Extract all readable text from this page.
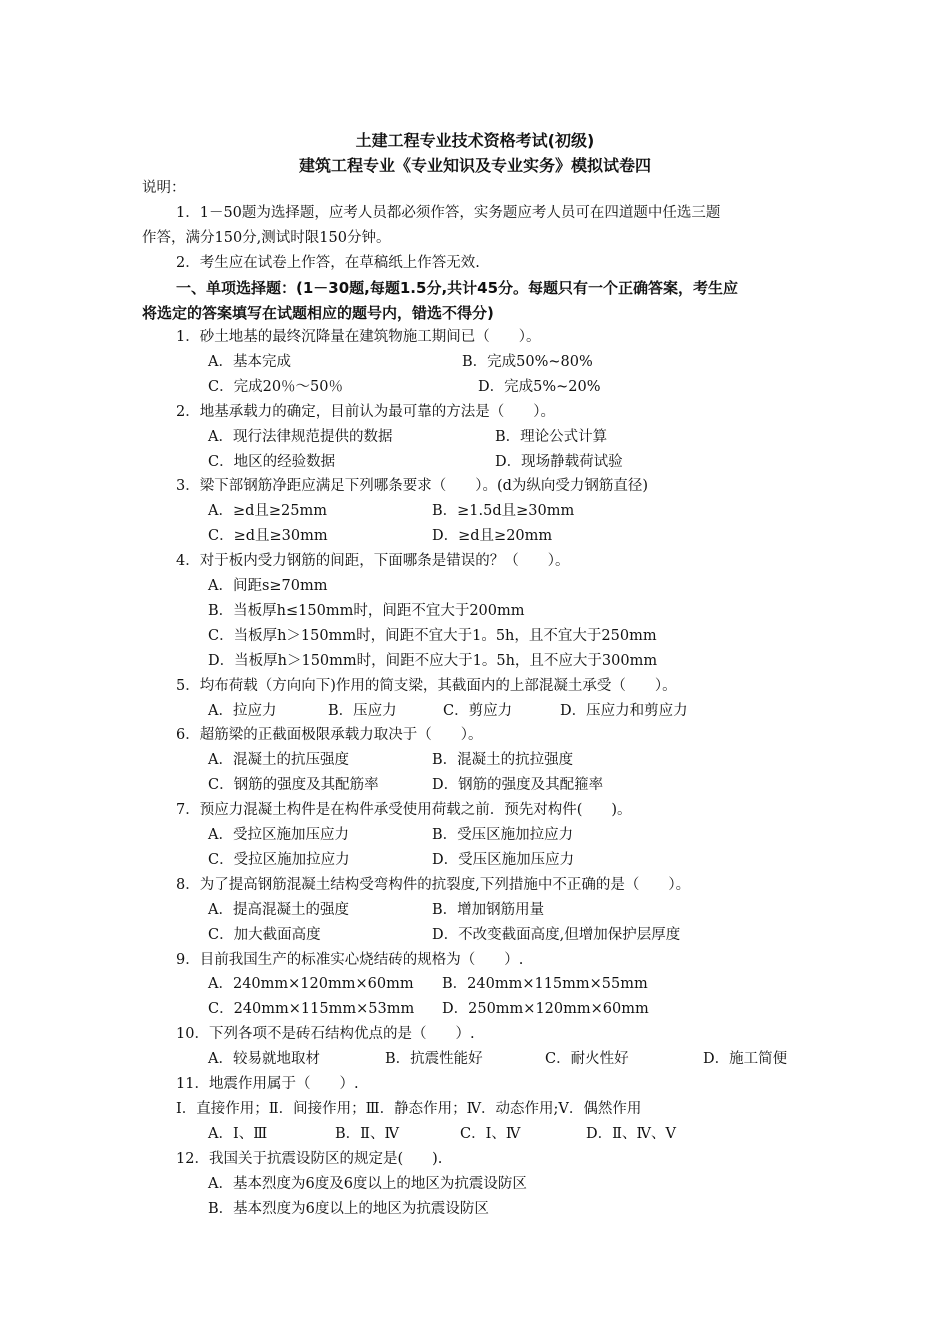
土建工程专业技术资格考试(初级)
建筑工程专业《专业知识及专业实务》模拟试卷四
说明：
1．1－50题为选择题，应考人员都必须作答，实务题应考人员可在四道题中任选三题
作答，满分150分,测试时限150分钟。
2．考生应在试卷上作答，在草稿纸上作答无效.
一、单项选择题：(1－30题,每题1.5分,共计45分。每题只有一个正确答案，考生应
将选定的答案填写在试题相应的题号内，错选不得分)
1．砂土地基的最终沉降量在建筑物施工期间已（　　）。
A．基本完成	B．完成50%~80%
C．完成20％～50％	D．完成5%~20%
2．地基承载力的确定，目前认为最可靠的方法是（　　）。
A．现行法律规范提供的数据	B．理论公式计算
C．地区的经验数据	D．现场静载荷试验
3．梁下部钢筋净距应满足下列哪条要求（　　）。(d为纵向受力钢筋直径)
A．≥d且≥25mm	B．≥1.5d且≥30mm
C．≥d且≥30mm	D．≥d且≥20mm
4．对于板内受力钢筋的间距，下面哪条是错误的？（　　）。
A．间距s≥70mm
B．当板厚h≤150mm时，间距不宜大于200mm
C．当板厚h＞150mm时，间距不宜大于1。5h，且不宜大于250mm
D．当板厚h＞150mm时，间距不应大于1。5h，且不应大于300mm
5．均布荷载（方向向下)作用的简支梁，其截面内的上部混凝土承受（　　）。
A．拉应力	B．压应力	C．剪应力	D．压应力和剪应力
6．超筋梁的正截面极限承载力取决于（　　）。
A．混凝土的抗压强度	B．混凝土的抗拉强度
C．钢筋的强度及其配筋率	D．钢筋的强度及其配箍率
7．预应力混凝土构件是在构件承受使用荷载之前．预先对构件(　　)。
A．受拉区施加压应力	B．受压区施加拉应力
C．受拉区施加拉应力	D．受压区施加压应力
8．为了提高钢筋混凝土结构受弯构件的抗裂度,下列措施中不正确的是（　　）。
A．提高混凝土的强度	B．增加钢筋用量
C．加大截面高度	D．不改变截面高度,但增加保护层厚度
9．目前我国生产的标准实心烧结砖的规格为（　　）.
A．240mm×120mm×60mm B．240mm×115mm×55mm
C．240mm×115mm×53mm D．250mm×120mm×60mm
10．下列各项不是砖石结构优点的是（　　）.
A．较易就地取材	B．抗震性能好	C．耐火性好	D．施工简便
11．地震作用属于（　　）.
Ⅰ．直接作用；Ⅱ．间接作用；Ⅲ．静态作用；Ⅳ．动态作用;Ⅴ．偶然作用
A．Ⅰ、Ⅲ	B．Ⅱ、Ⅳ	C．Ⅰ、Ⅳ	D．Ⅱ、Ⅳ、Ⅴ
12．我国关于抗震设防区的规定是(　　).
A．基本烈度为6度及6度以上的地区为抗震设防区
B．基本烈度为6度以上的地区为抗震设防区
